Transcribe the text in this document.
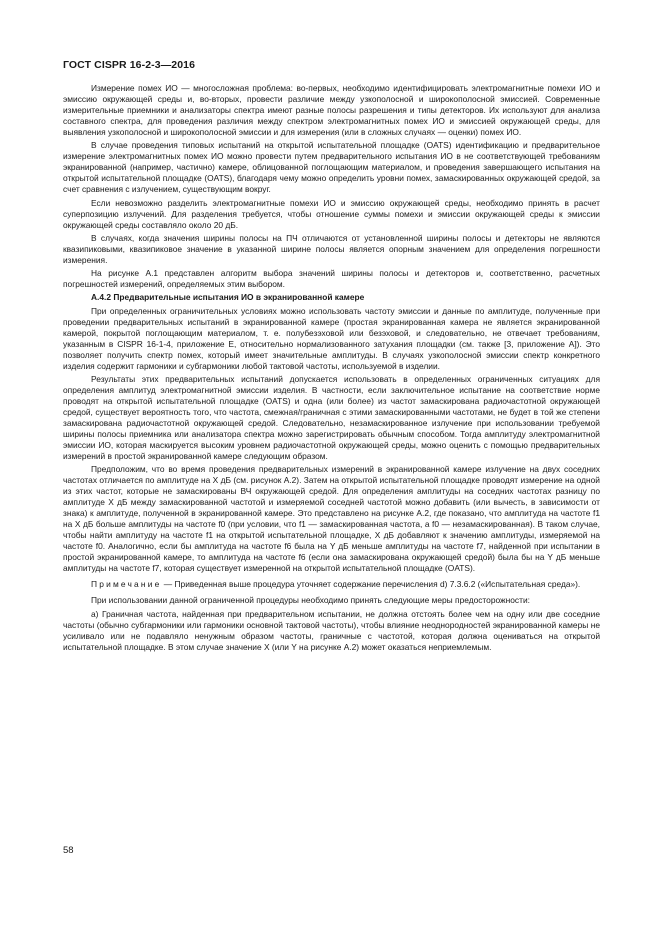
ГОСТ CISPR 16-2-3—2016

Измерение помех ИО — многосложная проблема: во-первых, необходимо идентифицировать электромагнитные помехи ИО и эмиссию окружающей среды и, во-вторых, провести различие между узкополосной и широкополосной эмиссией. Современные измерительные приемники и анализаторы спектра имеют разные полосы разрешения и типы детекторов. Их используют для анализа составного спектра, для проведения различия между спектром электромагнитных помех ИО и эмиссией окружающей среды, для выявления узкополосной и широкополосной эмиссии и для измерения (или в сложных случаях — оценки) помех ИО.

В случае проведения типовых испытаний на открытой испытательной площадке (OATS) идентификацию и предварительное измерение электромагнитных помех ИО можно провести путем предварительного испытания ИО в не соответствующей требованиям экранированной (например, частично) камере, облицованной поглощающим материалом, и проведения завершающего испытания на открытой испытательной площадке (OATS), благодаря чему можно определить уровни помех, замаскированных окружающей средой, за счет сравнения с излучением, существующим вокруг.

Если невозможно разделить электромагнитные помехи ИО и эмиссию окружающей среды, необходимо принять в расчет суперпозицию излучений. Для разделения требуется, чтобы отношение суммы помехи и эмиссии окружающей среды к эмиссии окружающей среды составляло около 20 дБ.

В случаях, когда значения ширины полосы на ПЧ отличаются от установленной ширины полосы и детекторы не являются квазипиковыми, квазипиковое значение в указанной ширине полосы является опорным значением для определения погрешности измерения.

На рисунке А.1 представлен алгоритм выбора значений ширины полосы и детекторов и, соответственно, расчетных погрешностей измерений, определяемых этим выбором.

А.4.2 Предварительные испытания ИО в экранированной камере

При определенных ограничительных условиях можно использовать частоту эмиссии и данные по амплитуде, полученные при проведении предварительных испытаний в экранированной камере (простая экранированная камера не является экранированной камерой, покрытой поглощающим материалом, т. е. полубезэховой или безэховой, и следовательно, не отвечает требованиям, указанным в CISPR 16-1-4, приложение Е, относительно нормализованного затухания площадки (см. также [3, приложение А]). Это позволяет получить спектр помех, который имеет значительные амплитуды. В случаях узкополосной эмиссии спектр конкретного изделия содержит гармоники и субгармоники любой тактовой частоты, используемой в изделии.

Результаты этих предварительных испытаний допускается использовать в определенных ограниченных ситуациях для определения амплитуд электромагнитной эмиссии изделия. В частности, если заключительное испытание на соответствие норме проводят на открытой испытательной площадке (OATS) и одна (или более) из частот замаскирована радиочастотной окружающей средой, существует вероятность того, что частота, смежная/граничная с этими замаскированными частотами, не будет в той же степени замаскирована радиочастотной окружающей средой. Следовательно, незамаскированное излучение при использовании требуемой ширины полосы приемника или анализатора спектра можно зарегистрировать обычным способом. Тогда амплитуду электромагнитной эмиссии ИО, которая маскируется высоким уровнем радиочастотной окружающей среды, можно оценить с помощью предварительных измерений в простой экранированной камере следующим образом.

Предположим, что во время проведения предварительных измерений в экранированной камере излучение на двух соседних частотах отличается по амплитуде на X дБ (см. рисунок А.2). Затем на открытой испытательной площадке проводят измерение на одной из этих частот, которые не замаскированы ВЧ окружающей средой. Для определения амплитуды на соседних частотах разницу по амплитуде X дБ между замаскированной частотой и измеряемой соседней частотой можно добавить (или вычесть, в зависимости от знака) к амплитуде, полученной в экранированной камере. Это представлено на рисунке А.2, где показано, что амплитуда на частоте f1 на X дБ больше амплитуды на частоте f0 (при условии, что f1 — замаскированная частота, а f0 — незамаскированная). В таком случае, чтобы найти амплитуду на частоте f1 на открытой испытательной площадке, X дБ добавляют к значению амплитуды, измеряемой на частоте f0. Аналогично, если бы амплитуда на частоте f6 была на Y дБ меньше амплитуды на частоте f7, найденной при испытании в простой экранированной камере, то амплитуда на частоте f6 (если она замаскирована окружающей средой) была бы на Y дБ меньше амплитуды на частоте f7, которая существует измеренной на открытой испытательной площадке (OATS).

Примечание — Приведенная выше процедура уточняет содержание перечисления d) 7.3.6.2 («Испытательная среда»).

При использовании данной ограниченной процедуры необходимо принять следующие меры предосторожности:

а) Граничная частота, найденная при предварительном испытании, не должна отстоять более чем на одну или две соседние частоты (обычно субгармоники или гармоники основной тактовой частоты), чтобы влияние неоднородностей экранированной камеры не усиливало или не подавляло ненужным образом частоты, граничные с частотой, которая должна оцениваться на открытой испытательной площадке. В этом случае значение X (или Y на рисунке А.2) может оказаться неприемлемым.

58
